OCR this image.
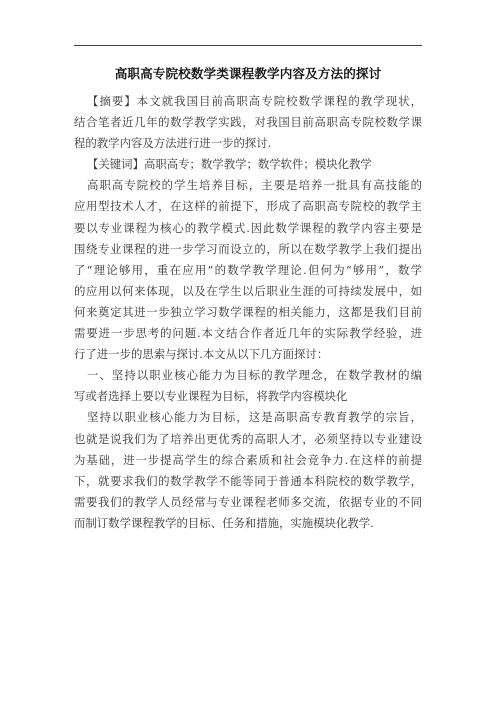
高职高专院校数学类课程教学内容及方法的探讨
【摘要】本文就我国目前高职高专院校数学课程的教学现状，
结合笔者近几年的数学教学实践，对我国目前高职高专院校数学课
程的教学内容及方法进行进一步的探讨.
【关键词】高职高专；数学教学；数学软件；模块化教学
高职高专院校的学生培养目标，主要是培养一批具有高技能的
应用型技术人才，在这样的前提下，形成了高职高专院校的教学主
要以专业课程为核心的教学模式.因此数学课程的教学内容主要是
围绕专业课程的进一步学习而设立的，所以在数学教学上我们提出
了“理论够用，重在应用”的数学教学理论.但何为“够用”，数学
的应用以何来体现，以及在学生以后职业生涯的可持续发展中，如
何来奠定其进一步独立学习数学课程的相关能力，这都是我们目前
需要进一步思考的问题.本文结合作者近几年的实际教学经验，进
行了进一步的思索与探讨.本文从以下几方面探讨：
一、坚持以职业核心能力为目标的教学理念，在数学教材的编
写或者选择上要以专业课程为目标，将教学内容模块化
坚持以职业核心能力为目标，这是高职高专教育教学的宗旨，
也就是说我们为了培养出更优秀的高职人才，必须坚持以专业建设
为基础，进一步提高学生的综合素质和社会竞争力.在这样的前提
下，就要求我们的数学教学不能等同于普通本科院校的数学教学，
需要我们的教学人员经常与专业课程老师多交流，依据专业的不同
而制订数学课程教学的目标、任务和措施，实施模块化教学.
